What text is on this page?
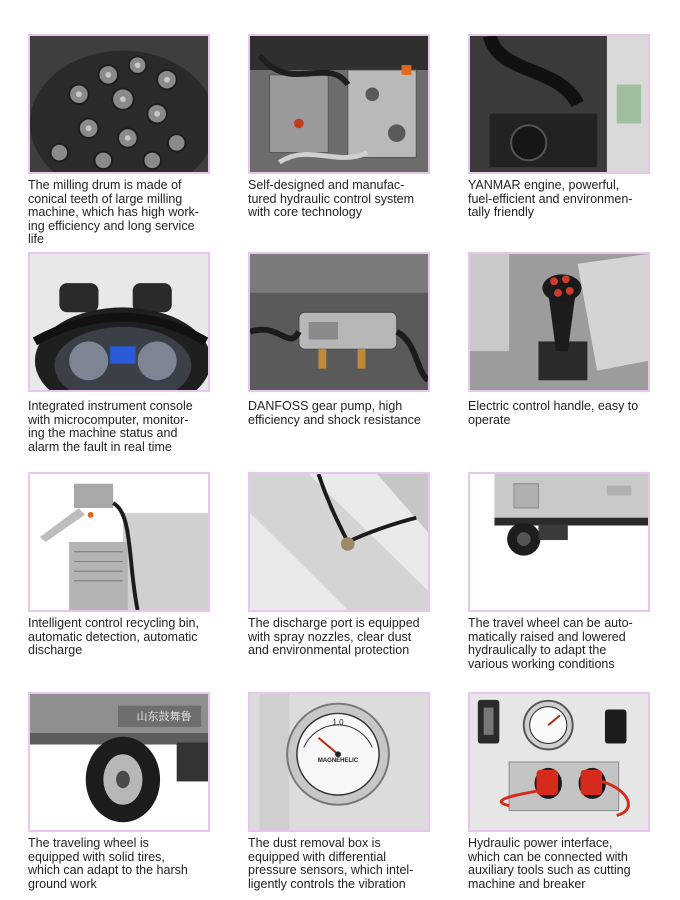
The milling drum is made of
conical teeth of large milling
machine, which has high work-
ing efficiency and long service
life
Self-designed and manufac-
tured hydraulic control system
with core technology
YANMAR engine, powerful,
fuel-efficient and environmen-
tally friendly
Integrated instrument console
with microcomputer, monitor-
ing the machine status and
alarm the fault in real time
DANFOSS gear pump, high
efficiency and shock resistance
Electric control handle, easy to
operate
Intelligent control recycling bin,
automatic detection, automatic
discharge
The discharge port is equipped
with spray nozzles, clear dust
and environmental protection
The travel wheel can be auto-
matically raised and lowered
hydraulically to adapt the
various working conditions
山东鼓舞鲁
The traveling wheel is
equipped with solid tires,
which can adapt to the harsh
ground work
1.0
MAGNEHELIC
The dust removal box is
equipped with differential
pressure sensors, which intel-
ligently controls the vibration
Hydraulic power interface,
which can be connected with
auxiliary tools such as cutting
machine and breaker
